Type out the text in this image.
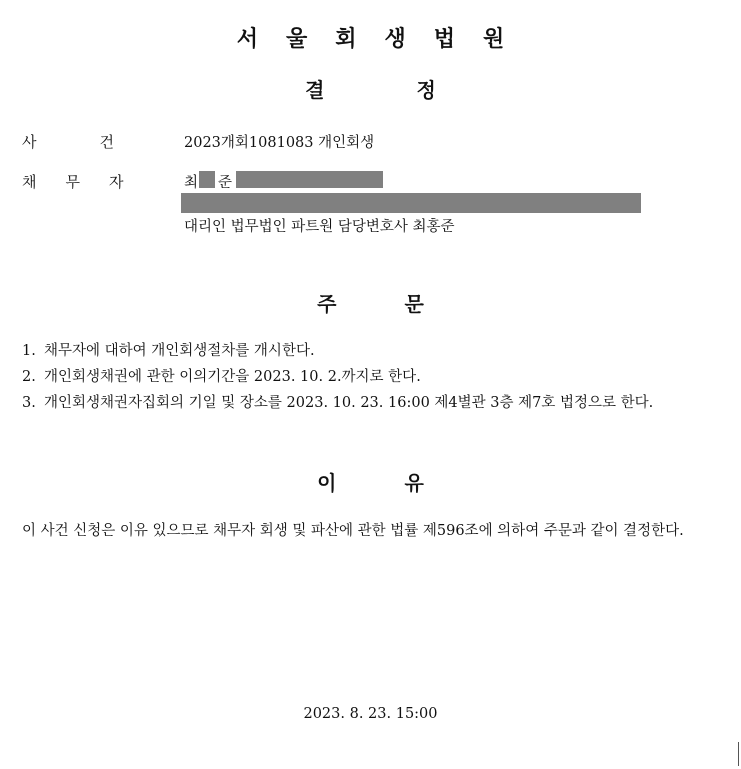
서울회생법원
결정
사건 2023개회1081083 개인회생
채무자 최 준
대리인 법무법인 파트원 담당변호사 최홍준
주문
1. 채무자에 대하여 개인회생절차를 개시한다.
2. 개인회생채권에 관한 이의기간을 2023. 10. 2.까지로 한다.
3. 개인회생채권자집회의 기일 및 장소를 2023. 10. 23. 16:00 제4별관 3층 제7호 법정으로 한다.
이유
이 사건 신청은 이유 있으므로 채무자 회생 및 파산에 관한 법률 제596조에 의하여 주문과 같이 결정한다.
2023. 8. 23. 15:00
